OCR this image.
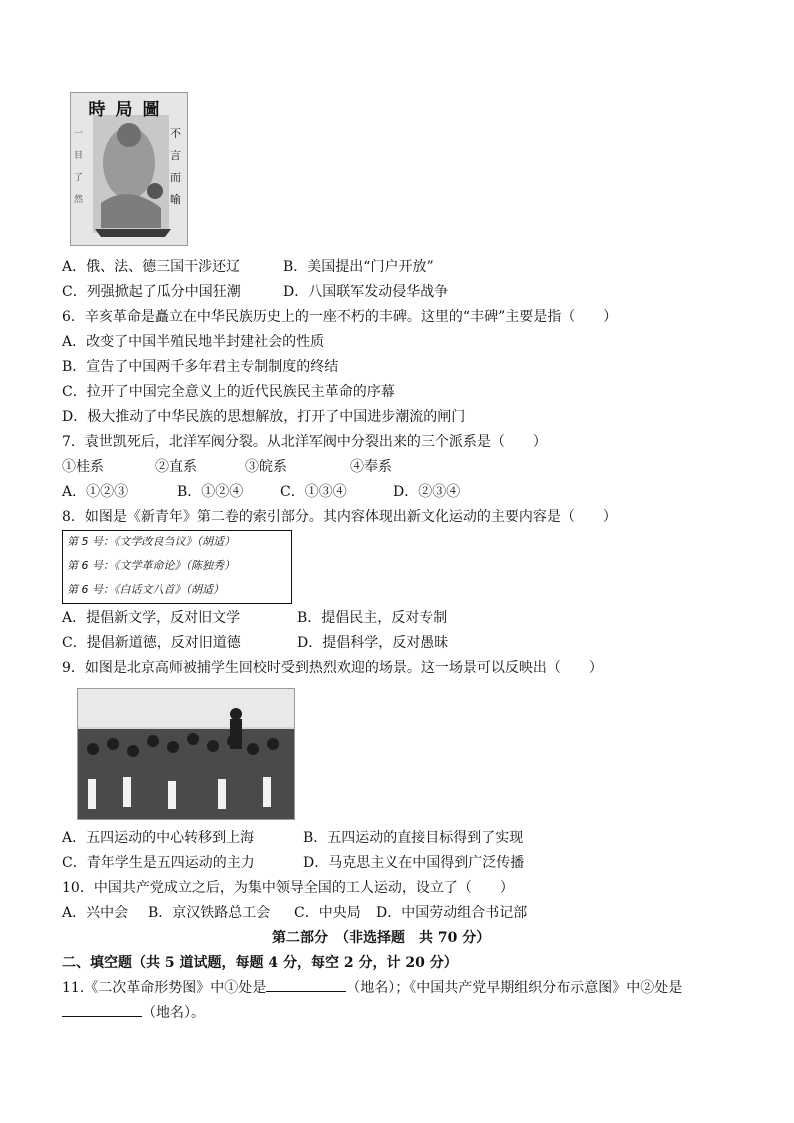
時局圖
不言而喻
一目了然
A．俄、法、德三国干涉还辽	B．美国提出“门户开放”
C．列强掀起了瓜分中国狂潮	D．八国联军发动侵华战争
6．辛亥革命是矗立在中华民族历史上的一座不朽的丰碑。这里的“丰碑”主要是指（　　）
A．改变了中国半殖民地半封建社会的性质
B．宣告了中国两千多年君主专制制度的终结
C．拉开了中国完全意义上的近代民族民主革命的序幕
D．极大推动了中华民族的思想解放，打开了中国进步潮流的闸门
7．袁世凯死后，北洋军阀分裂。从北洋军阀中分裂出来的三个派系是（　　）
①桂系	②直系	③皖系	④奉系
A．①②③	B．①②④	C．①③④	D．②③④
8．如图是《新青年》第二卷的索引部分。其内容体现出新文化运动的主要内容是（　　）
第 5 号：《文学改良刍议》（胡适）
第 6 号：《文学革命论》（陈独秀）
第 6 号：《白话文八首》（胡适）
A．提倡新文学，反对旧文学	B．提倡民主，反对专制
C．提倡新道德，反对旧道德	D．提倡科学，反对愚昧
9．如图是北京高师被捕学生回校时受到热烈欢迎的场景。这一场景可以反映出（　　）
A．五四运动的中心转移到上海	B．五四运动的直接目标得到了实现
C．青年学生是五四运动的主力	D．马克思主义在中国得到广泛传播
10．中国共产党成立之后，为集中领导全国的工人运动，设立了（　　）
A．兴中会 B．京汉铁路总工会 C．中央局 D．中国劳动组合书记部
第二部分　（非选择题　共 70 分）
二、填空题（共 5 道试题，每题 4 分，每空 2 分，计 20 分）
11.《二次革命形势图》中①处是	（地名）；《中国共产党早期组织分布示意图》中②处是
（地名）。
